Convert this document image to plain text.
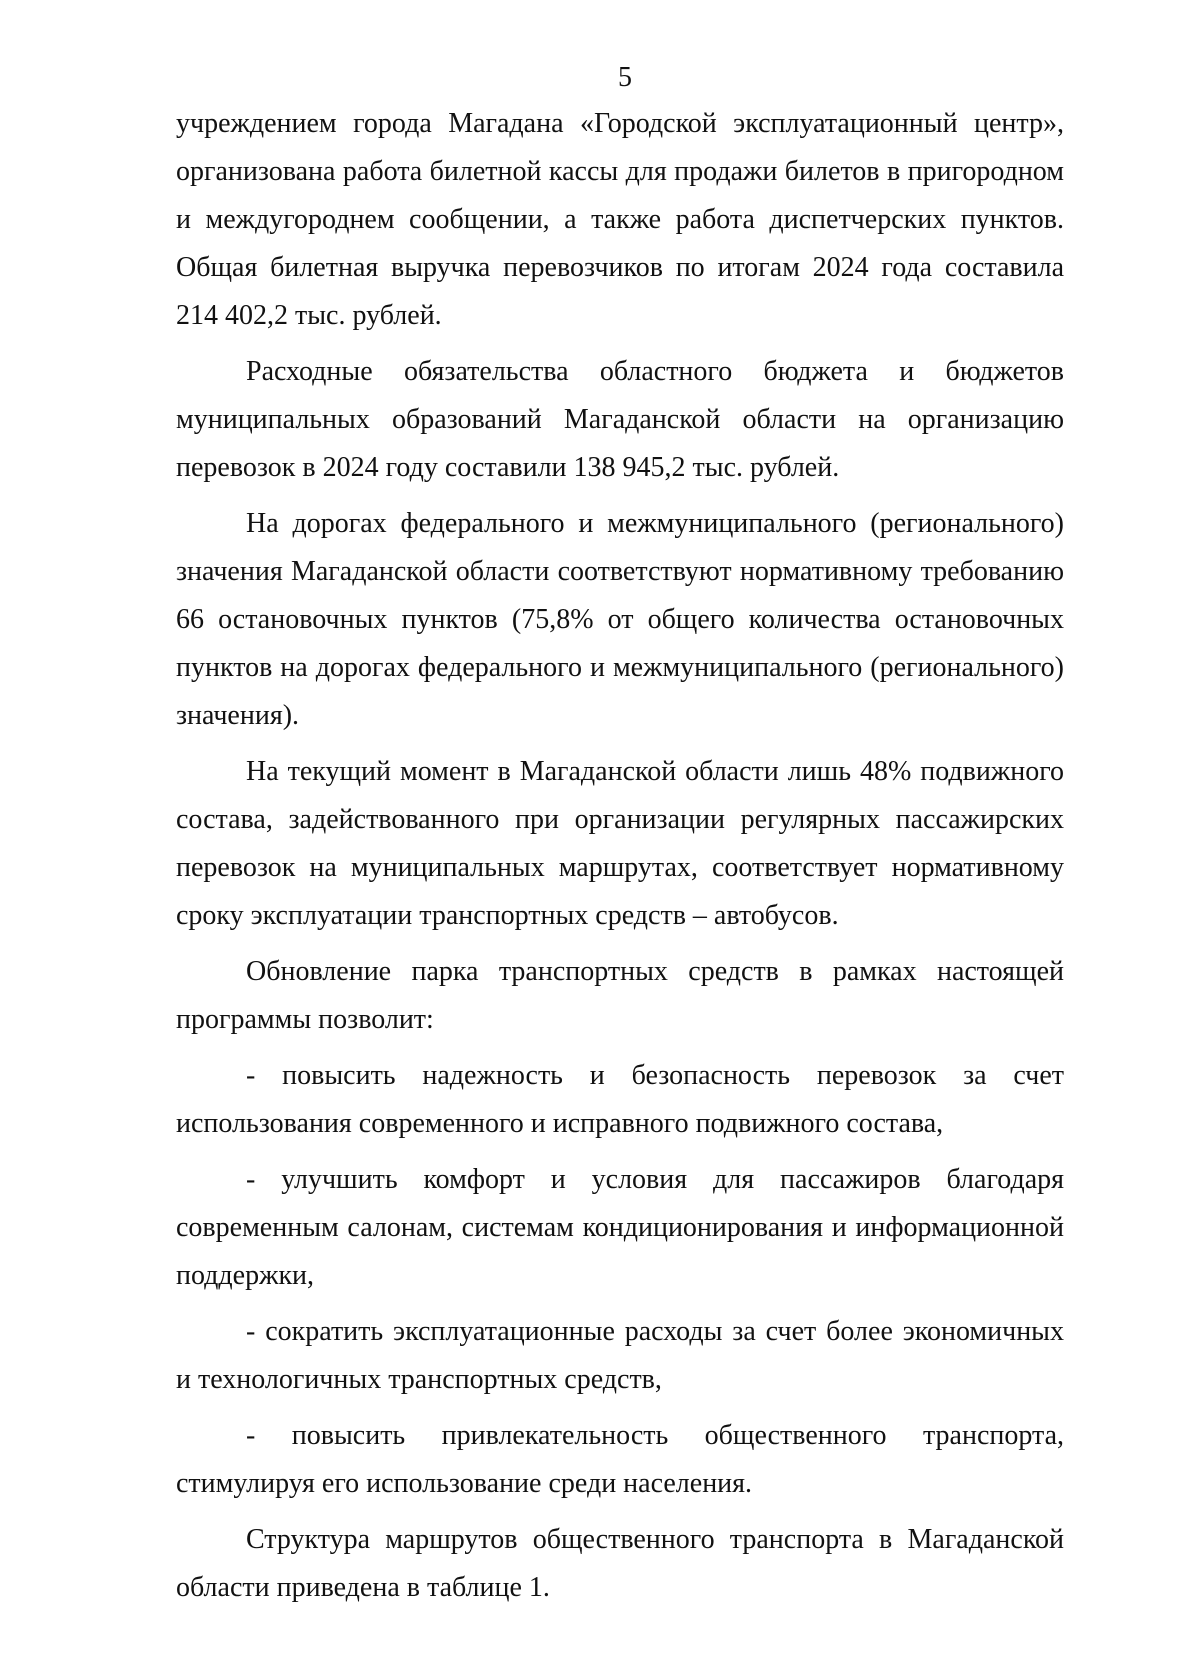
5

учреждением города Магадана «Городской эксплуатационный центр», организована работа билетной кассы для продажи билетов в пригородном и междугороднем сообщении, а также работа диспетчерских пунктов. Общая билетная выручка перевозчиков по итогам 2024 года составила 214 402,2 тыс. рублей.

Расходные обязательства областного бюджета и бюджетов муниципальных образований Магаданской области на организацию перевозок в 2024 году составили 138 945,2 тыс. рублей.

На дорогах федерального и межмуниципального (регионального) значения Магаданской области соответствуют нормативному требованию 66 остановочных пунктов (75,8% от общего количества остановочных пунктов на дорогах федерального и межмуниципального (регионального) значения).

На текущий момент в Магаданской области лишь 48% подвижного состава, задействованного при организации регулярных пассажирских перевозок на муниципальных маршрутах, соответствует нормативному сроку эксплуатации транспортных средств – автобусов.

Обновление парка транспортных средств в рамках настоящей программы позволит:

- повысить надежность и безопасность перевозок за счет использования современного и исправного подвижного состава,

- улучшить комфорт и условия для пассажиров благодаря современным салонам, системам кондиционирования и информационной поддержки,

- сократить эксплуатационные расходы за счет более экономичных и технологичных транспортных средств,

- повысить привлекательность общественного транспорта, стимулируя его использование среди населения.

Структура маршрутов общественного транспорта в Магаданской области приведена в таблице 1.
